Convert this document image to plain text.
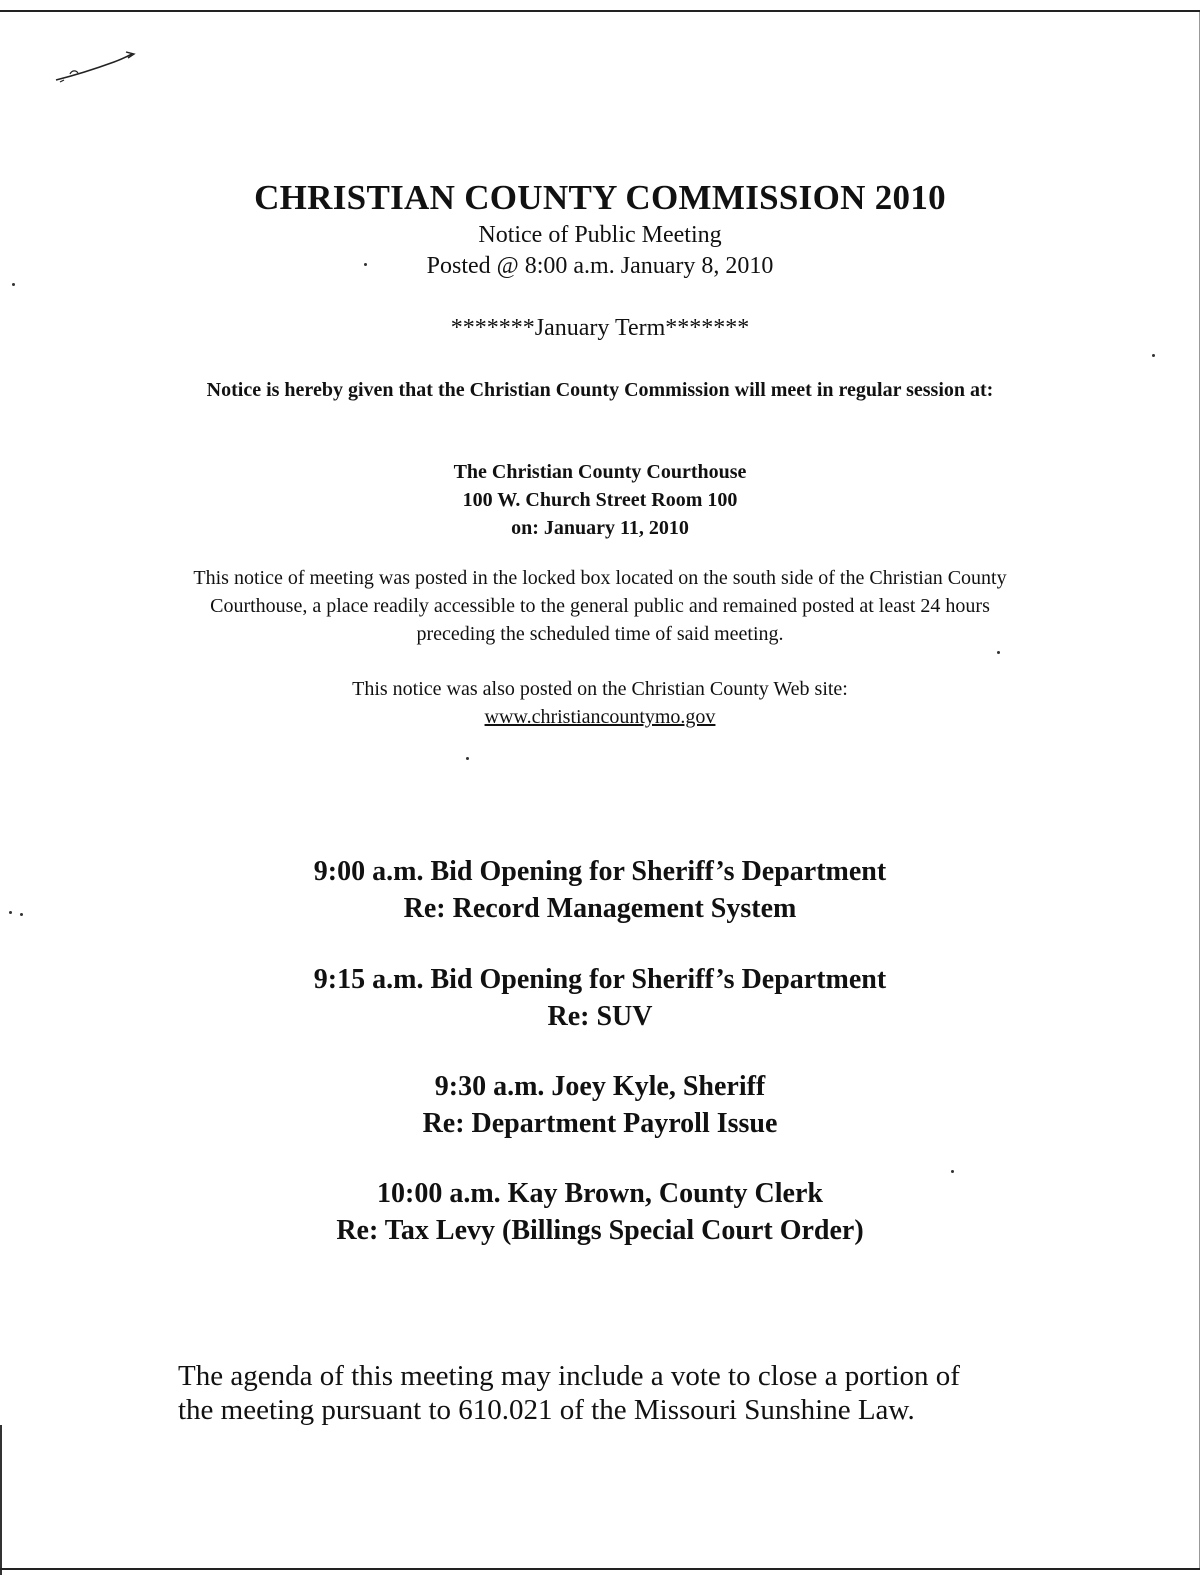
CHRISTIAN COUNTY COMMISSION 2010
Notice of Public Meeting
Posted @ 8:00 a.m. January 8, 2010
*******January Term*******
Notice is hereby given that the Christian County Commission will meet in regular session at:
The Christian County Courthouse
100 W. Church Street Room 100
on: January 11, 2010
This notice of meeting was posted in the locked box located on the south side of the Christian County Courthouse, a place readily accessible to the general public and remained posted at least 24 hours preceding the scheduled time of said meeting.
This notice was also posted on the Christian County Web site:
www.christiancountymo.gov
9:00 a.m. Bid Opening for Sheriff’s Department
Re: Record Management System
9:15 a.m. Bid Opening for Sheriff’s Department
Re: SUV
9:30 a.m. Joey Kyle, Sheriff
Re: Department Payroll Issue
10:00 a.m. Kay Brown, County Clerk
Re: Tax Levy (Billings Special Court Order)
The agenda of this meeting may include a vote to close a portion of
the meeting pursuant to 610.021 of the Missouri Sunshine Law.
